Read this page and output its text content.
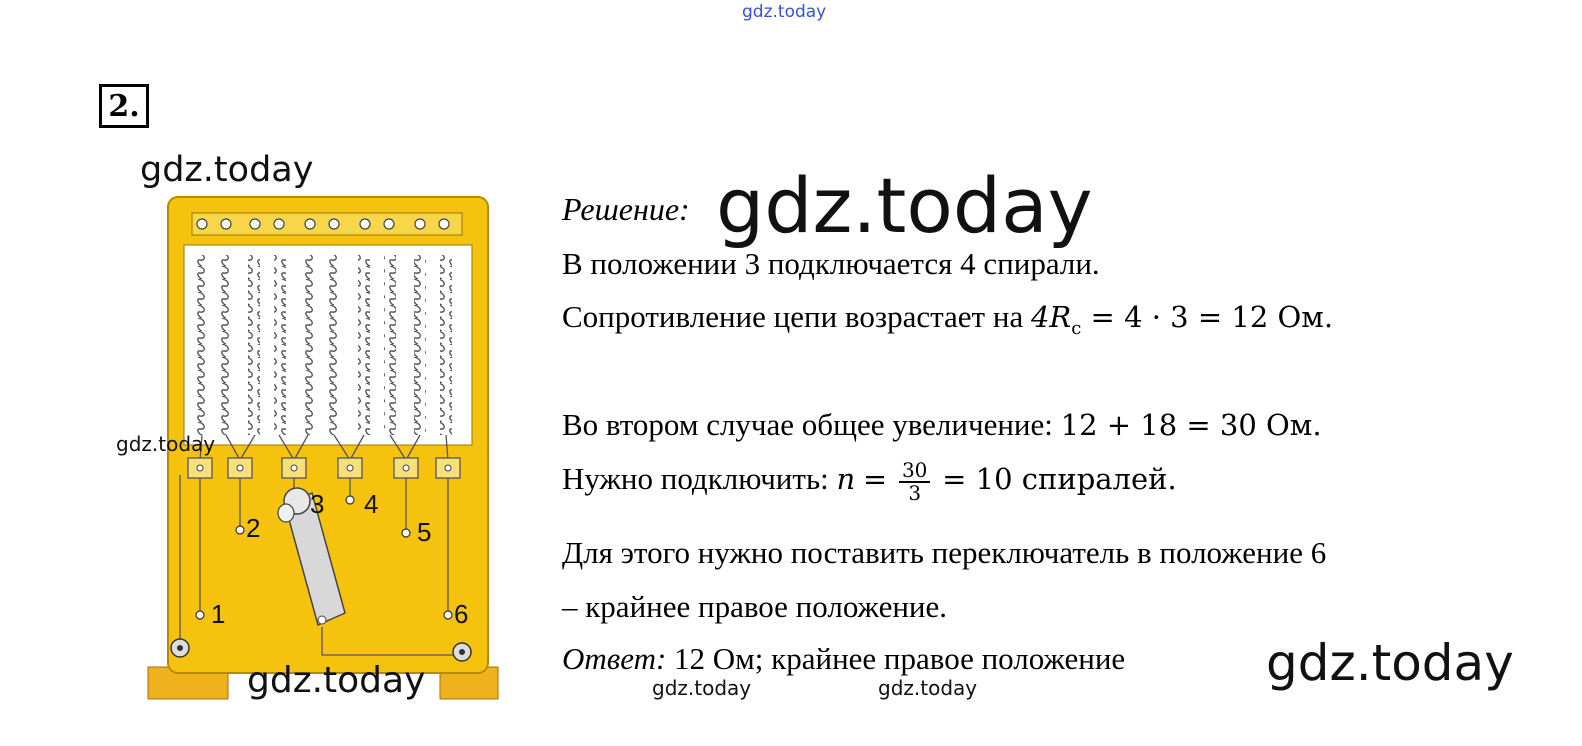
gdz.today
2.
gdz.today
1
2
3 4
5
6
gdz.today
gdz.today	gdz.today	gdz.today
Решение: gdz.today
В положении 3 подключается 4 спирали.
Сопротивление цепи возрастает на $4R_c = 4 \cdot 3 = 12$ Ом.
Во втором случае общее увеличение: 12 + 18 = 30 Ом.
Нужно подключить: $n = \frac{30}{3} = 10$ спиралей.
Для этого нужно поставить переключатель в положение 6
– крайнее правое положение.
Ответ: 12 Ом; крайнее правое положение	gdz.today
